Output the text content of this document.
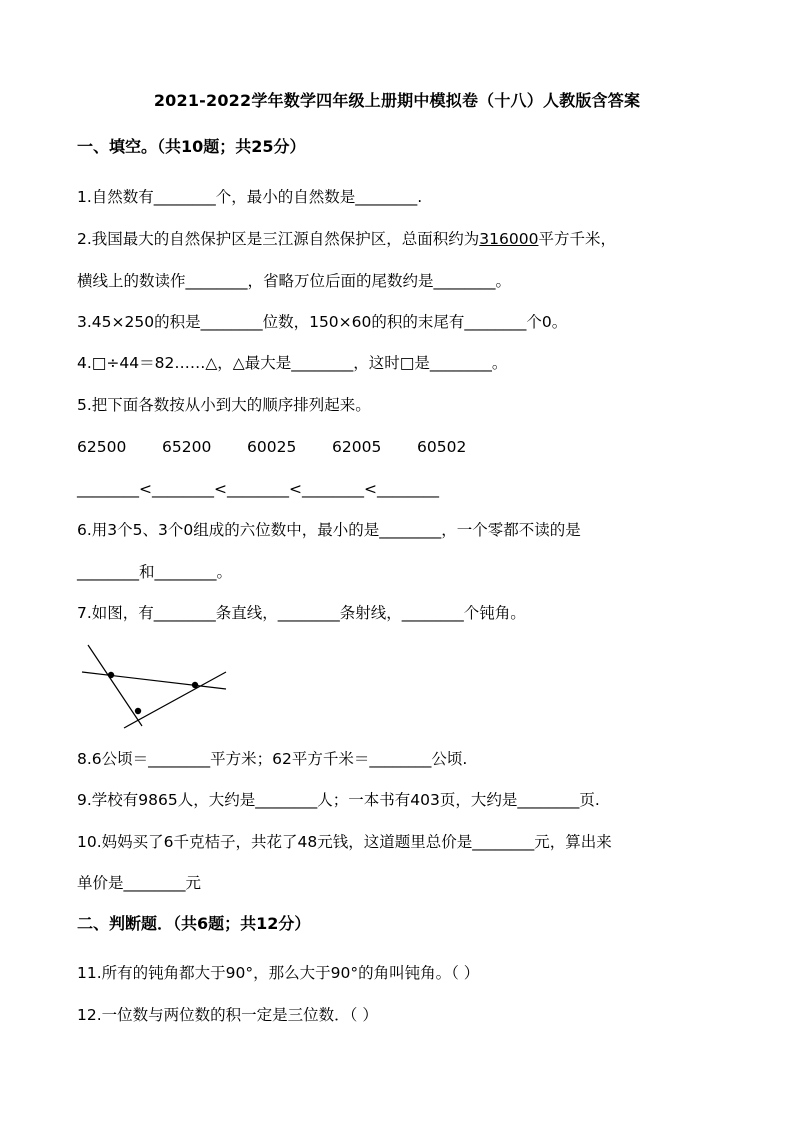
2021-2022学年数学四年级上册期中模拟卷（十八）人教版含答案
一、填空。（共10题；共25分）
1.自然数有________个，最小的自然数是________.
2.我国最大的自然保护区是三江源自然保护区，总面积约为316000平方千米，
横线上的数读作________，省略万位后面的尾数约是________。
3.45×250的积是________位数，150×60的积的末尾有________个0。
4.□÷44＝82……△，△最大是________，这时□是________。
5.把下面各数按从小到大的顺序排列起来。
62500 65200 60025 62005 60502
________<________<________<________<________
6.用3个5、3个0组成的六位数中，最小的是________，一个零都不读的是
________和________。
7.如图，有________条直线，________条射线，________个钝角。
8.6公顷＝________平方米；62平方千米＝________公顷.
9.学校有9865人，大约是________人；一本书有403页，大约是________页.
10.妈妈买了6千克桔子，共花了48元钱，这道题里总价是________元，算出来
单价是________元
二、判断题．（共6题；共12分）
11.所有的钝角都大于90°，那么大于90°的角叫钝角。（ ）
12.一位数与两位数的积一定是三位数．（ ）
